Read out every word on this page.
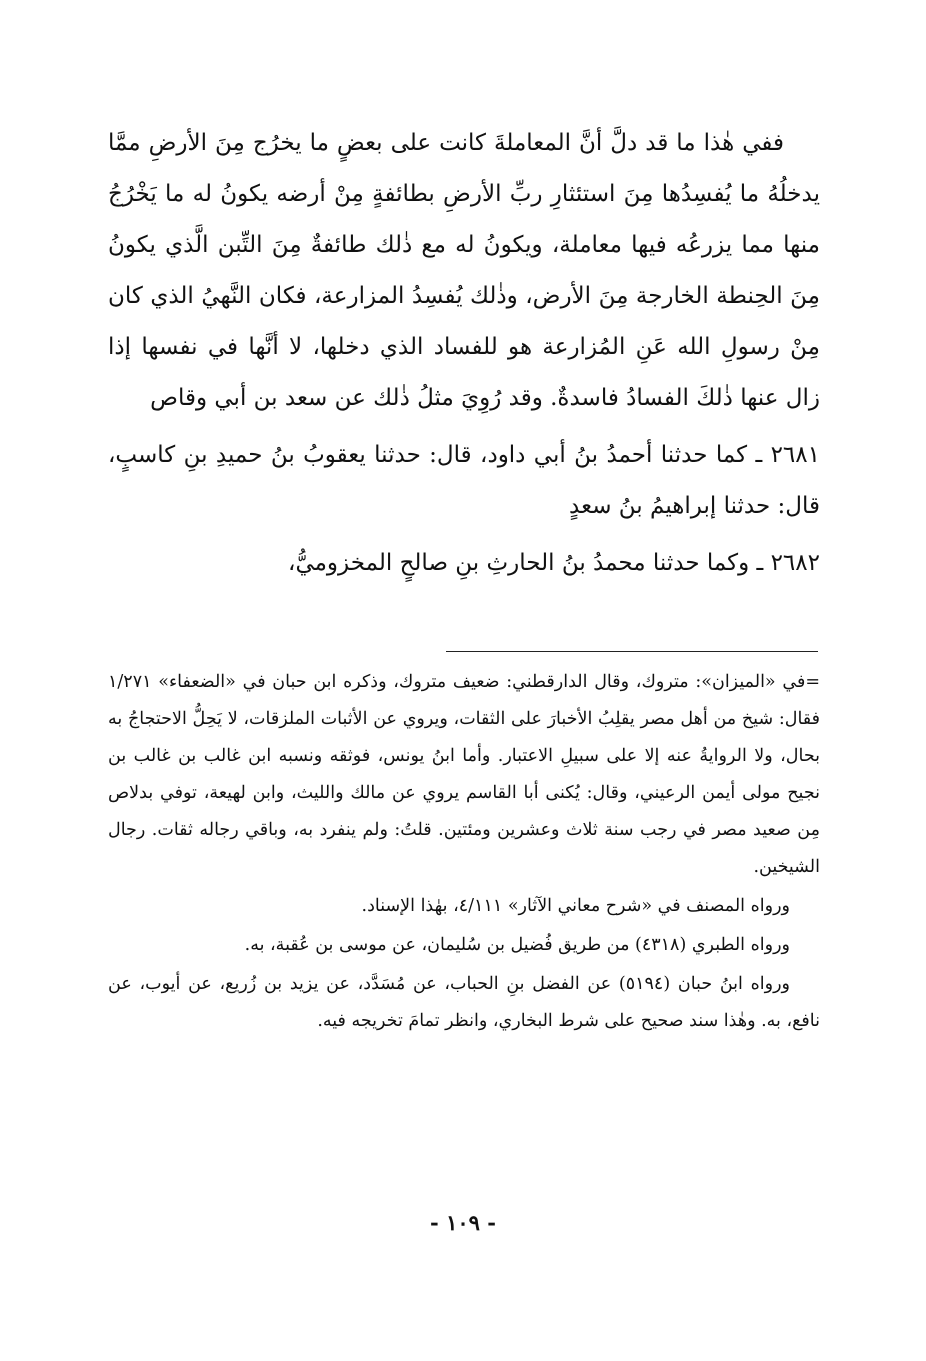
ففي هٰذا ما قد دلَّ أنَّ المعاملةَ كانت على بعضٍ ما يخرُج مِنَ الأرضِ ممَّا يدخلُهُ ما يُفسِدُها مِنَ استئثارِ ربِّ الأرضِ بطائفةٍ مِنْ أرضه يكونُ له ما يَخْرُجُ منها مما يزرعُه فيها معاملة، ويكونُ له مع ذٰلك طائفةٌ مِنَ التِّبن الَّذي يكونُ مِنَ الحِنطة الخارجة مِنَ الأرض، وذٰلك يُفسِدُ المزارعة، فكان النَّهيُ الذي كان مِنْ رسولِ الله عَنِ المُزارعة هو للفساد الذي دخلها، لا أنَّها في نفسها إذا زال عنها ذٰلكَ الفسادُ فاسدةٌ. وقد رُوِيَ مثلُ ذٰلك عن سعد بن أبي وقاص

٢٦٨١ ـ كما حدثنا أحمدُ بنُ أبي داود، قال: حدثنا يعقوبُ بنُ حميدِ بنِ كاسبٍ، قال: حدثنا إبراهيمُ بنُ سعدٍ

٢٦٨٢ ـ وكما حدثنا محمدُ بنُ الحارثِ بنِ صالحٍ المخزوميُّ،

=في «الميزان»: متروك، وقال الدارقطني: ضعيف متروك، وذكره ابن حبان في «الضعفاء» ١/٢٧١ فقال: شيخ من أهل مصر يقلِبُ الأخبارَ على الثقات، ويروي عن الأثبات الملزقات، لا يَحِلُّ الاحتجاجُ به بحال، ولا الروايةُ عنه إلا على سبيلِ الاعتبار. وأما ابنُ يونس، فوثقه ونسبه ابن غالب بن غالب بن نجيح مولى أيمن الرعيني، وقال: يُكنى أبا القاسم يروي عن مالك والليث، وابن لهيعة، توفي بدلاص مِن صعيد مصر في رجب سنة ثلاث وعشرين ومئتين. قلتُ: ولم ينفرد به، وباقي رجاله ثقات. رجال الشيخين.

ورواه المصنف في «شرح معاني الآثار» ٤/١١١، بهٰذا الإسناد.

ورواه الطبري (٤٣١٨) من طريق فُضيل بن سُليمان، عن موسى بن عُقبة، به.

ورواه ابنُ حبان (٥١٩٤) عن الفضل بنِ الحباب، عن مُسَدَّد، عن يزيد بن زُريع، عن أيوب، عن نافع، به. وهٰذا سند صحيح على شرط البخاري، وانظر تمامَ تخريجه فيه.

- ١٠٩ -
